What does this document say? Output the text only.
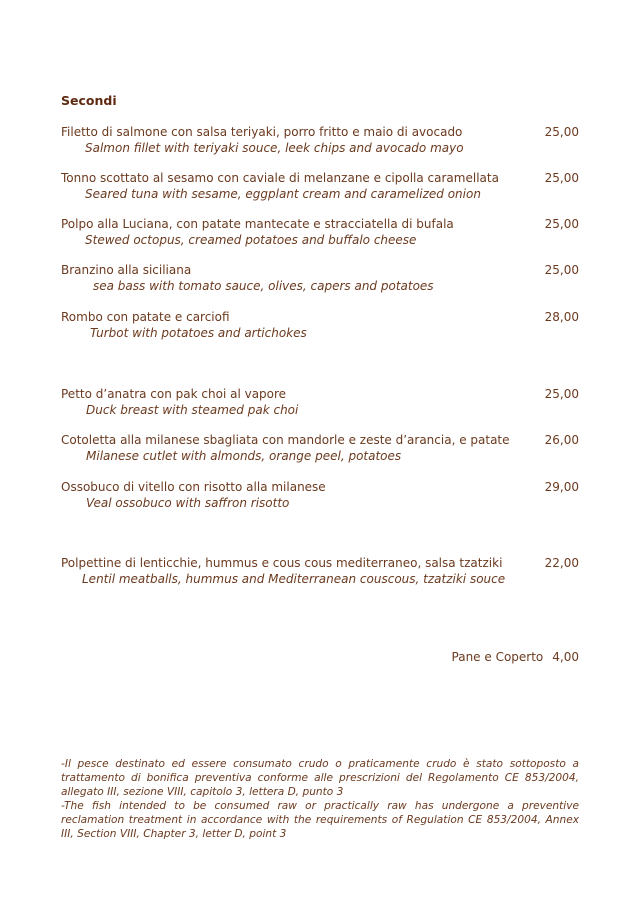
Secondi
Filetto di salmone con salsa teriyaki, porro fritto e maio di avocado
Salmon fillet with teriyaki souce, leek chips and avocado mayo
25,00
Tonno scottato al sesamo con caviale di melanzane e cipolla caramellata
Seared tuna with sesame, eggplant cream and caramelized onion
25,00
Polpo alla Luciana, con patate mantecate e stracciatella di bufala
Stewed octopus, creamed potatoes and buffalo cheese
25,00
Branzino alla siciliana
sea bass with tomato sauce, olives, capers and potatoes
25,00
Rombo con patate e carciofi
Turbot with potatoes and artichokes
28,00
Petto d’anatra con pak choi al vapore
Duck breast with steamed pak choi
25,00
Cotoletta alla milanese sbagliata con mandorle e zeste d’arancia, e patate
Milanese cutlet with almonds, orange peel, potatoes
26,00
Ossobuco di vitello con risotto alla milanese
Veal ossobuco with saffron risotto
29,00
Polpettine di lenticchie, hummus e cous cous mediterraneo, salsa tzatziki
Lentil meatballs, hummus and Mediterranean couscous, tzatziki souce
22,00
Pane e Coperto 4,00

-Il pesce destinato ed essere consumato crudo o praticamente crudo è stato sottoposto a trattamento di bonifica preventiva conforme alle prescrizioni del Regolamento CE 853/2004, allegato III, sezione VIII, capitolo 3, lettera D, punto 3

-The fish intended to be consumed raw or practically raw has undergone a preventive reclamation treatment in accordance with the requirements of Regulation CE 853/2004, Annex III, Section VIII, Chapter 3, letter D, point 3
